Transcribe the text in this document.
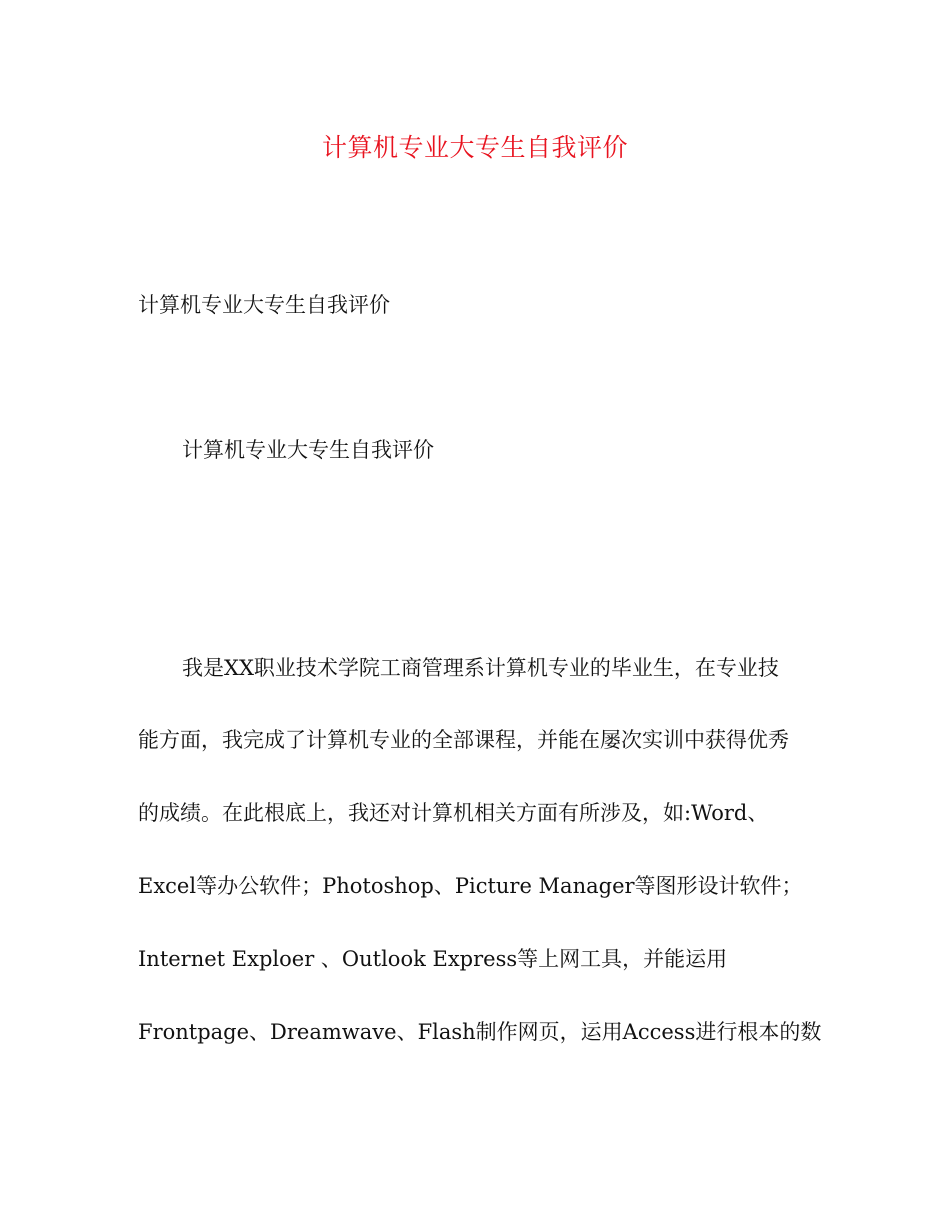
计算机专业大专生自我评价
计算机专业大专生自我评价
计算机专业大专生自我评价
我是XX职业技术学院工商管理系计算机专业的毕业生，在专业技
能方面，我完成了计算机专业的全部课程，并能在屡次实训中获得优秀
的成绩。在此根底上，我还对计算机相关方面有所涉及，如:Word、
Excel等办公软件；Photoshop、Picture Manager等图形设计软件；
Internet Exploer 、Outlook Express等上网工具，并能运用
Frontpage、Dreamwave、Flash制作网页，运用Access进行根本的数
